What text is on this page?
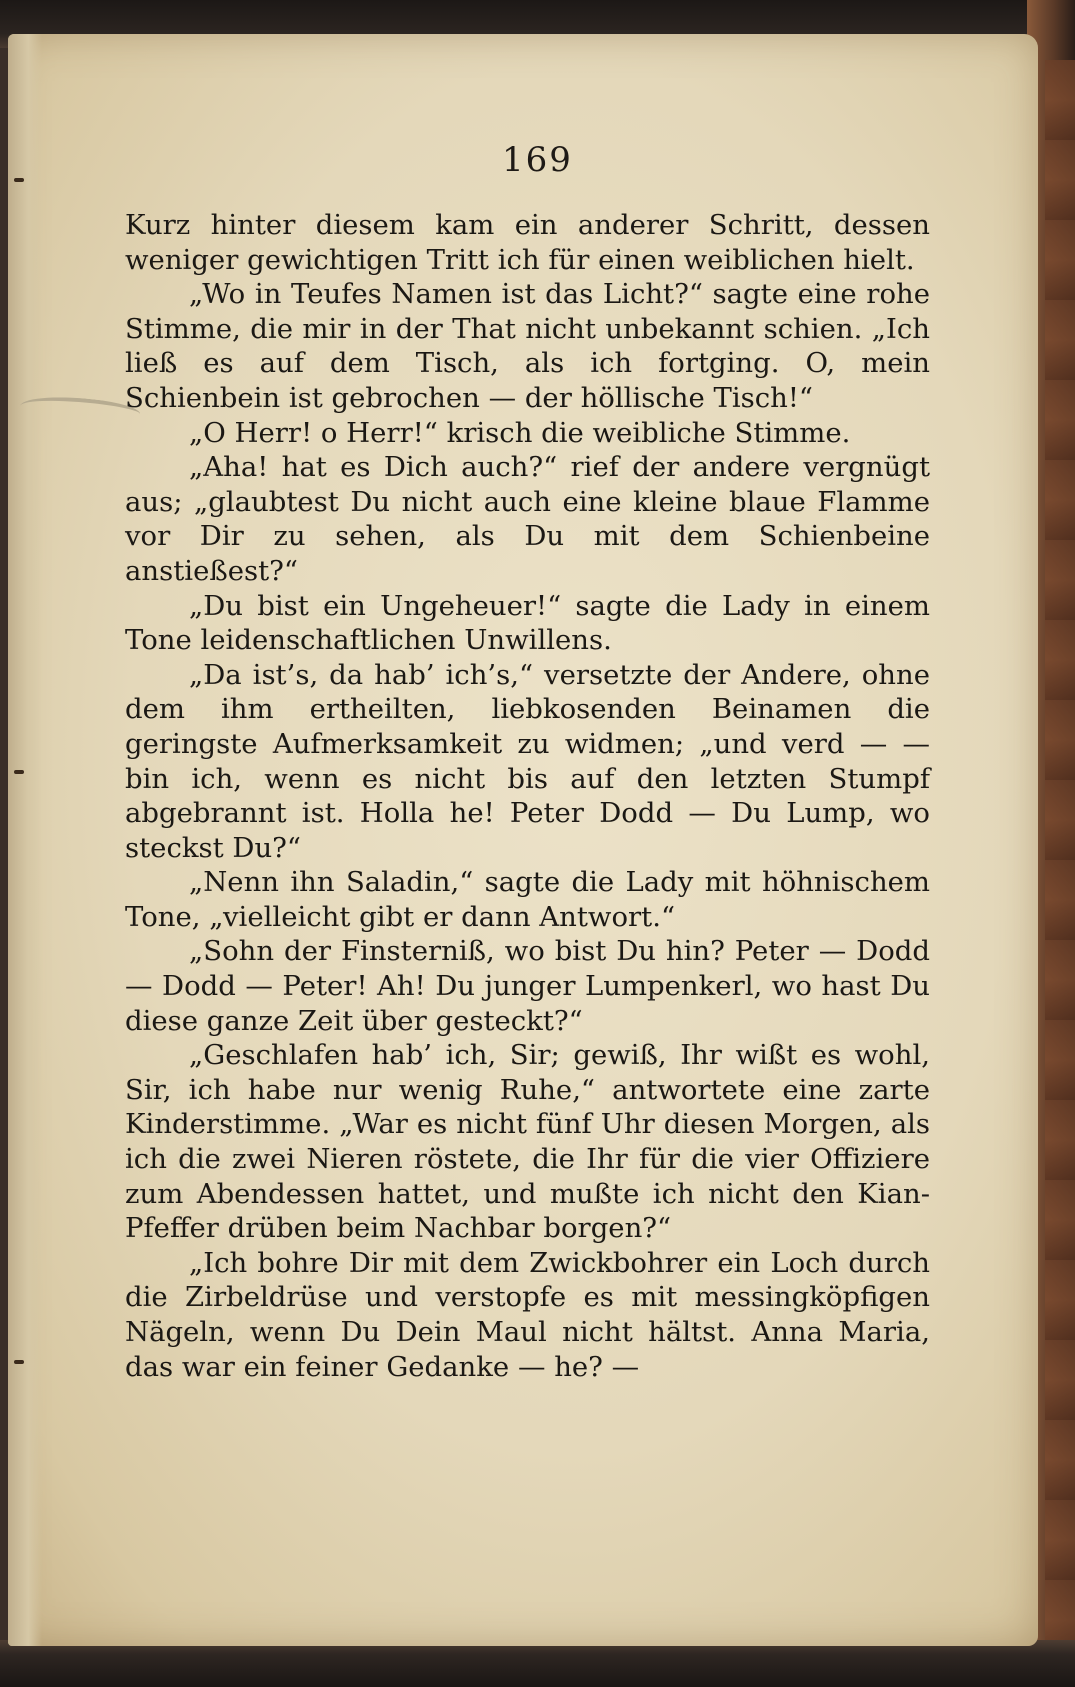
169

Kurz hinter diesem kam ein anderer Schritt, dessen weniger gewichtigen Tritt ich für einen weiblichen hielt.

„Wo in Teufes Namen ist das Licht?“ sagte eine rohe Stimme, die mir in der That nicht unbekannt schien. „Ich ließ es auf dem Tisch, als ich fortging. O, mein Schienbein ist gebrochen — der höllische Tisch!“

„O Herr! o Herr!“ krisch die weibliche Stimme.

„Aha! hat es Dich auch?“ rief der andere vergnügt aus; „glaubtest Du nicht auch eine kleine blaue Flamme vor Dir zu sehen, als Du mit dem Schienbeine anstießest?“

„Du bist ein Ungeheuer!“ sagte die Lady in einem Tone leidenschaftlichen Unwillens.

„Da ist’s, da hab’ ich’s,“ versetzte der Andere, ohne dem ihm ertheilten, liebkosenden Beinamen die geringste Aufmerksamkeit zu widmen; „und verd — — bin ich, wenn es nicht bis auf den letzten Stumpf abgebrannt ist. Holla he! Peter Dodd — Du Lump, wo steckst Du?“

„Nenn ihn Saladin,“ sagte die Lady mit höhnischem Tone, „vielleicht gibt er dann Antwort.“

„Sohn der Finsterniß, wo bist Du hin? Peter — Dodd — Dodd — Peter! Ah! Du junger Lumpenkerl, wo hast Du diese ganze Zeit über gesteckt?“

„Geschlafen hab’ ich, Sir; gewiß, Ihr wißt es wohl, Sir, ich habe nur wenig Ruhe,“ antwortete eine zarte Kinderstimme. „War es nicht fünf Uhr diesen Morgen, als ich die zwei Nieren röstete, die Ihr für die vier Offiziere zum Abendessen hattet, und mußte ich nicht den Kian-Pfeffer drüben beim Nachbar borgen?“

„Ich bohre Dir mit dem Zwickbohrer ein Loch durch die Zirbeldrüse und verstopfe es mit messingköpfigen Nägeln, wenn Du Dein Maul nicht hältst. Anna Maria, das war ein feiner Gedanke — he? —
